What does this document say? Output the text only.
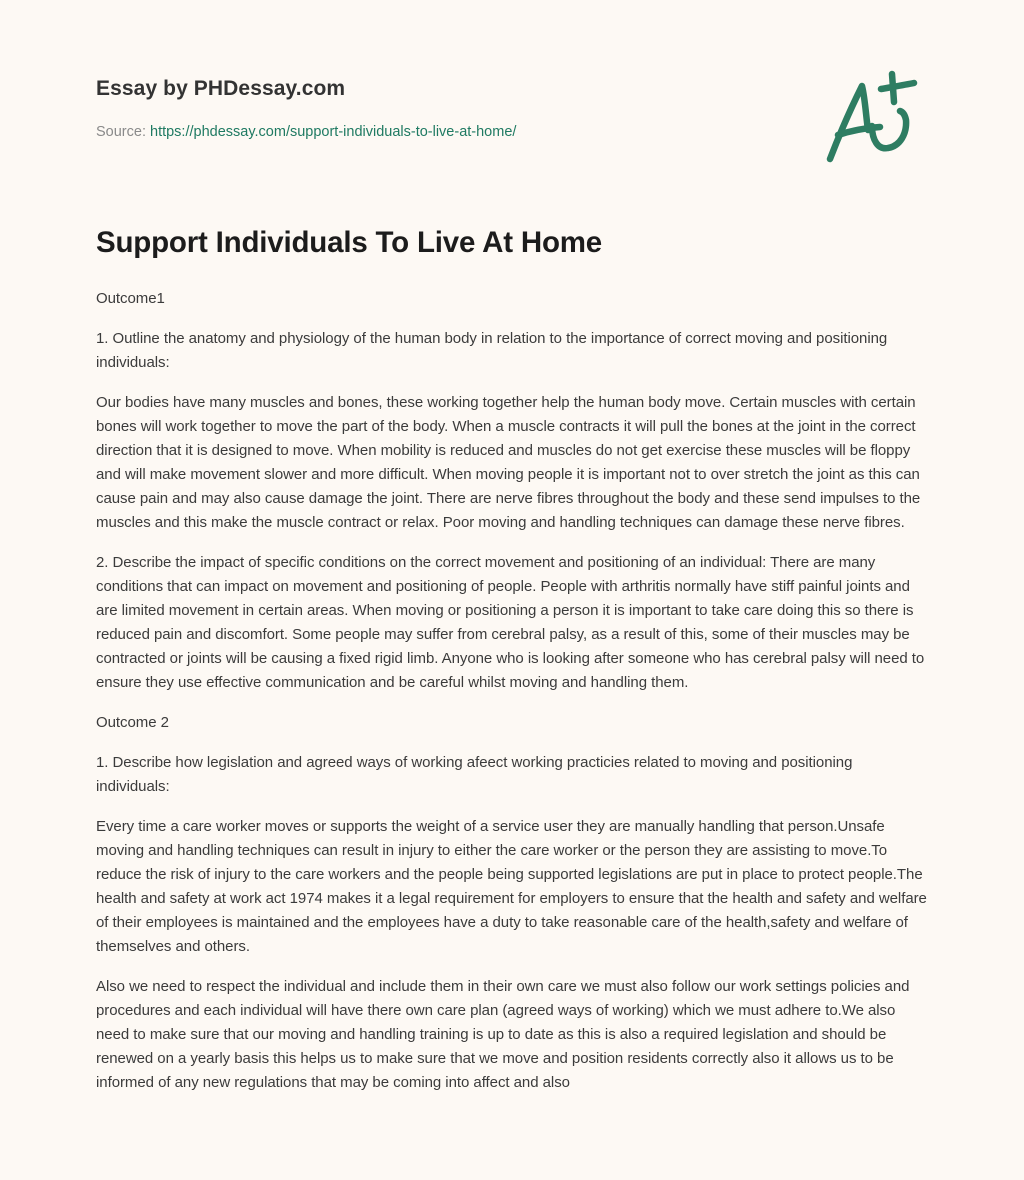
Essay by PHDessay.com
Source: https://phdessay.com/support-individuals-to-live-at-home/
Support Individuals To Live At Home

Outcome1

1. Outline the anatomy and physiology of the human body in relation to the importance of correct moving and positioning individuals:

Our bodies have many muscles and bones, these working together help the human body move. Certain muscles with certain bones will work together to move the part of the body. When a muscle contracts it will pull the bones at the joint in the correct direction that it is designed to move. When mobility is reduced and muscles do not get exercise these muscles will be floppy and will make movement slower and more difficult. When moving people it is important not to over stretch the joint as this can cause pain and may also cause damage the joint. There are nerve fibres throughout the body and these send impulses to the muscles and this make the muscle contract or relax. Poor moving and handling techniques can damage these nerve fibres.

2. Describe the impact of specific conditions on the correct movement and positioning of an individual: There are many conditions that can impact on movement and positioning of people. People with arthritis normally have stiff painful joints and are limited movement in certain areas. When moving or positioning a person it is important to take care doing this so there is reduced pain and discomfort. Some people may suffer from cerebral palsy, as a result of this, some of their muscles may be contracted or joints will be causing a fixed rigid limb. Anyone who is looking after someone who has cerebral palsy will need to ensure they use effective communication and be careful whilst moving and handling them.

Outcome 2

1. Describe how legislation and agreed ways of working afeect working practicies related to moving and positioning individuals:

Every time a care worker moves or supports the weight of a service user they are manually handling that person.Unsafe moving and handling techniques can result in injury to either the care worker or the person they are assisting to move.To reduce the risk of injury to the care workers and the people being supported legislations are put in place to protect people.The health and safety at work act 1974 makes it a legal requirement for employers to ensure that the health and safety and welfare of their employees is maintained and the employees have a duty to take reasonable care of the health,safety and welfare of themselves and others.

Also we need to respect the individual and include them in their own care we must also follow our work settings policies and procedures and each individual will have there own care plan (agreed ways of working) which we must adhere to.We also need to make sure that our moving and handling training is up to date as this is also a required legislation and should be renewed on a yearly basis this helps us to make sure that we move and position residents correctly also it allows us to be informed of any new regulations that may be coming into affect and also
